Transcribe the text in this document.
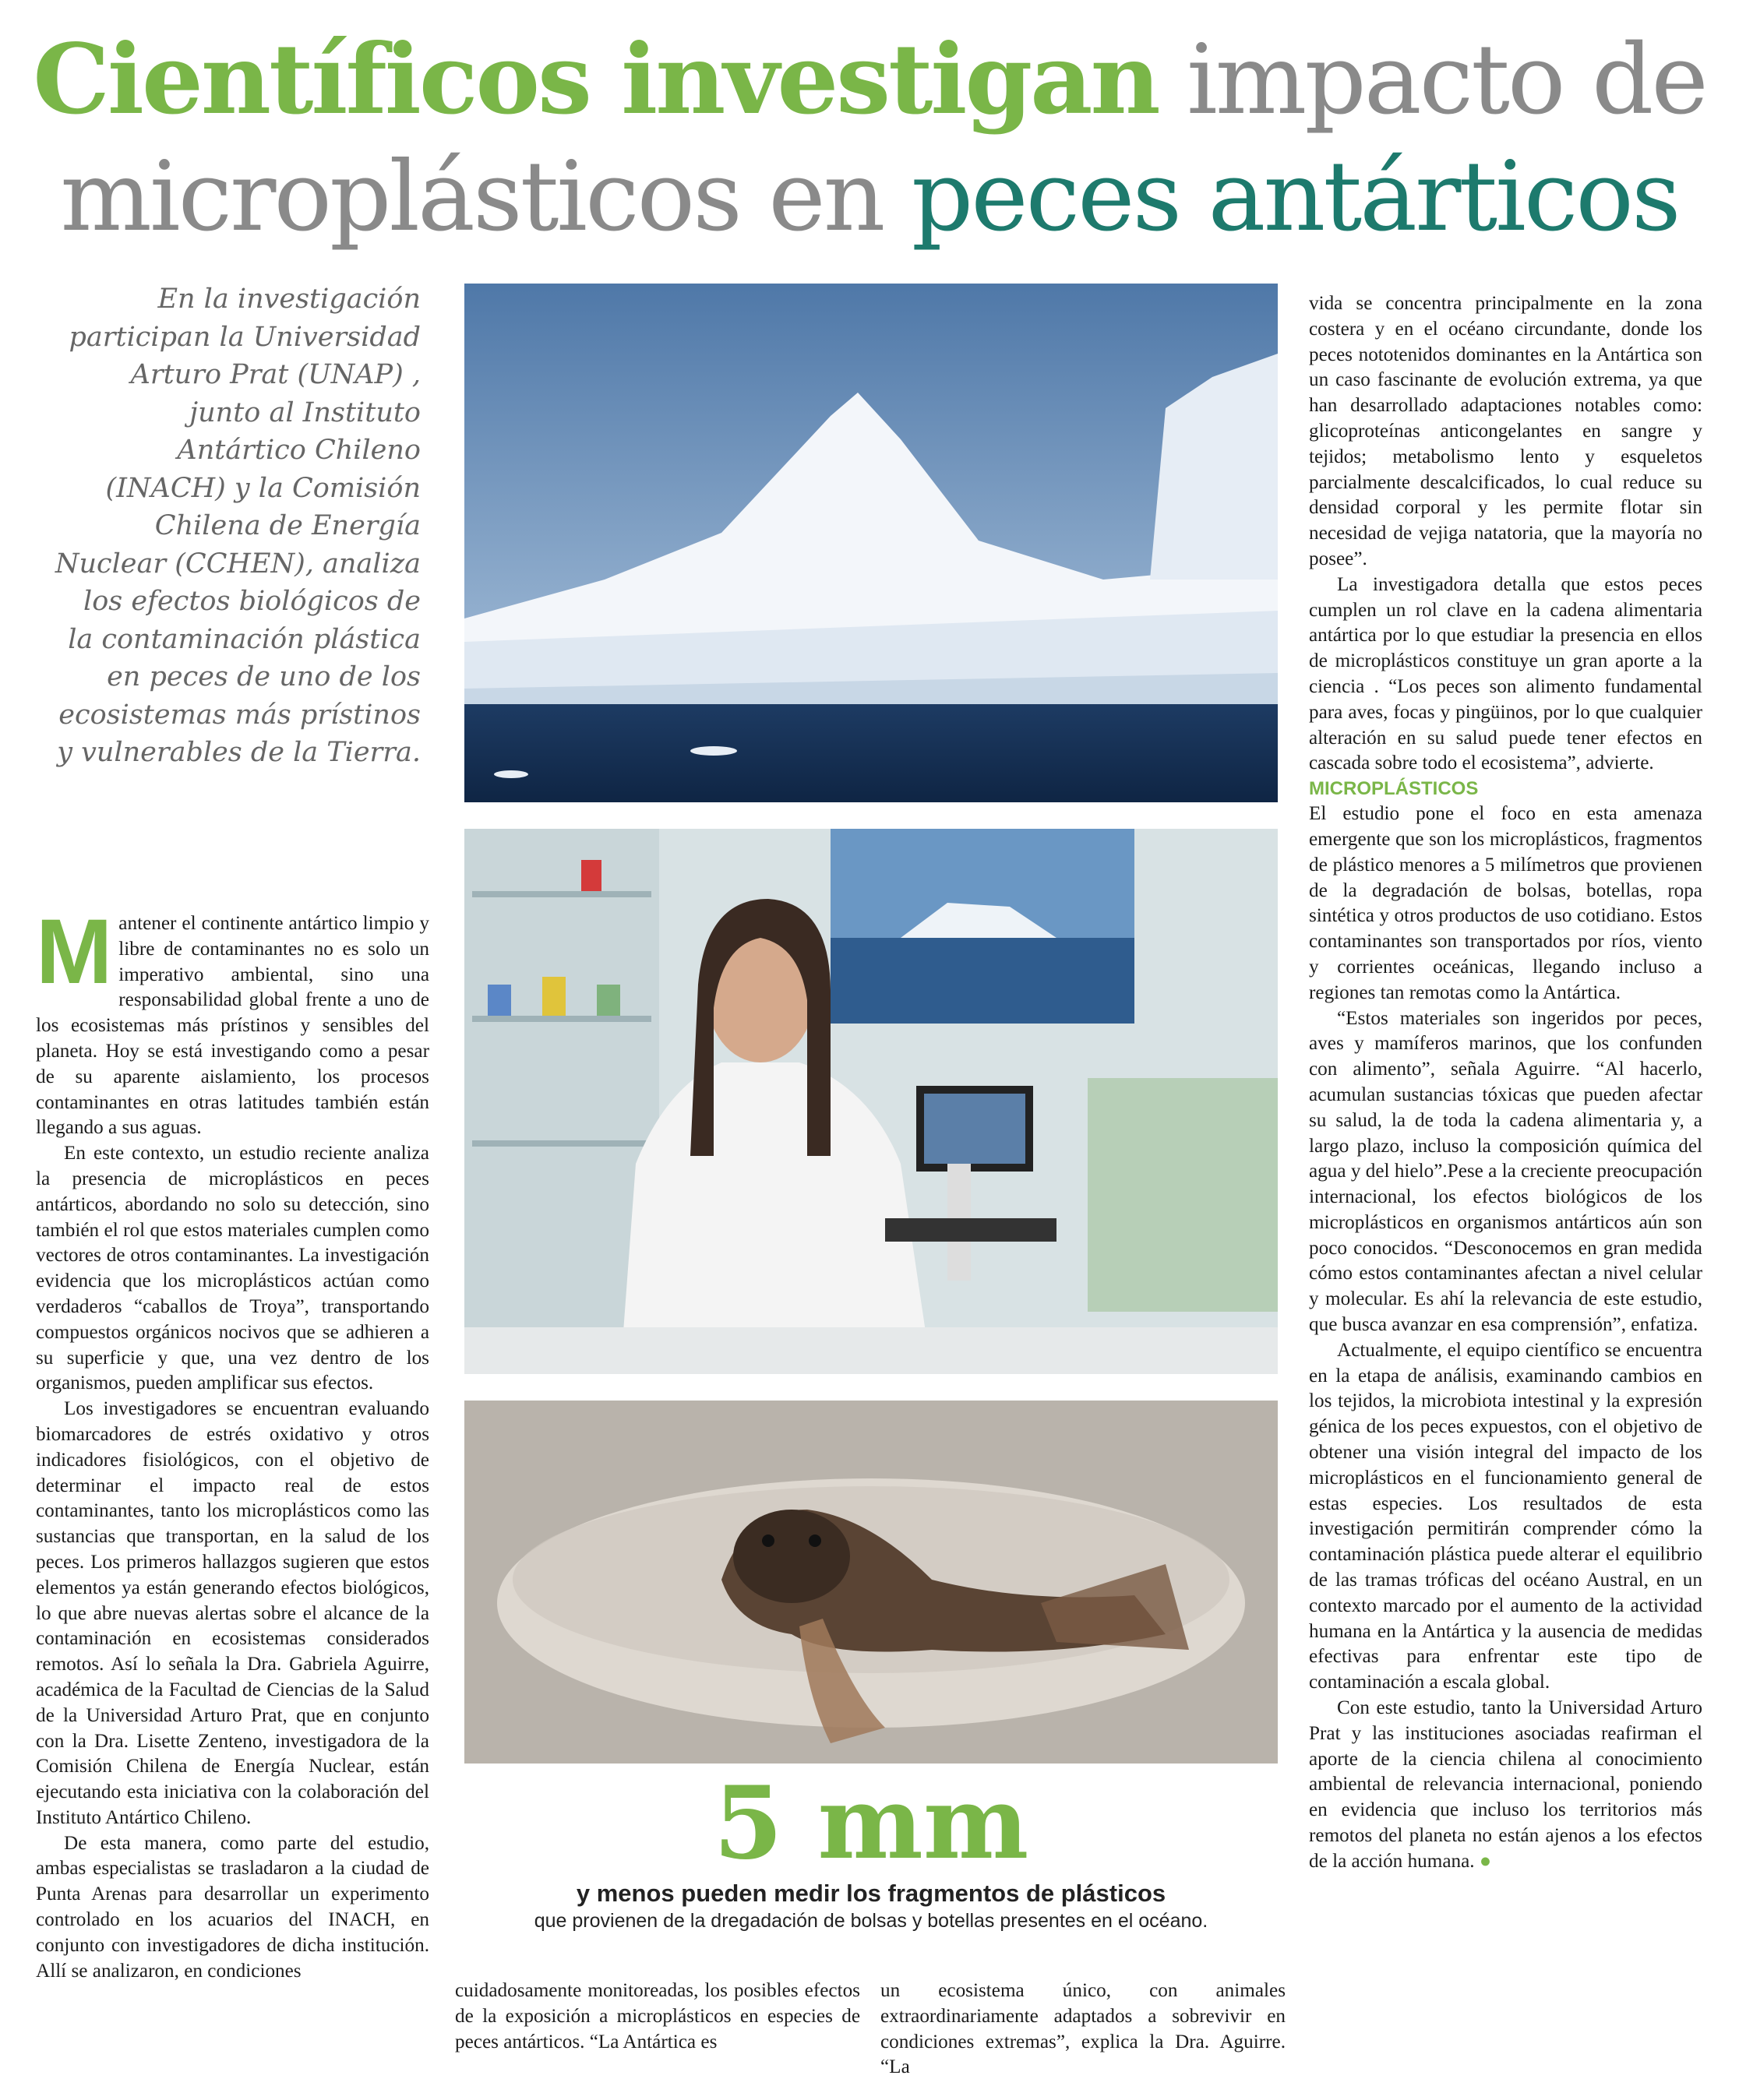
Científicos investigan impacto de
microplásticos en peces antárticos
En la investigación participan la Universidad Arturo Prat (UNAP) , junto al Instituto Antártico Chileno (INACH) y la Comisión Chilena de Energía Nuclear (CCHEN), analiza los efectos biológicos de la contaminación plástica en peces de uno de los ecosistemas más prístinos y vulnerables de la Tierra.
5 mm
y menos pueden medir los fragmentos de plásticos
que provienen de la dregadación de bolsas y botellas presentes en el océano.

Mantener el continente antártico limpio y libre de contaminantes no es solo un imperativo ambiental, sino una responsabilidad global frente a uno de los ecosistemas más prístinos y sensibles del planeta. Hoy se está investigando como a pesar de su aparente aislamiento, los procesos contaminantes en otras latitudes también están llegando a sus aguas.

En este contexto, un estudio reciente analiza la presencia de microplásticos en peces antárticos, abordando no solo su detección, sino también el rol que estos materiales cumplen como vectores de otros contaminantes. La investigación evidencia que los microplásticos actúan como verdaderos “caballos de Troya”, transportando compuestos orgánicos nocivos que se adhieren a su superficie y que, una vez dentro de los organismos, pueden amplificar sus efectos.

Los investigadores se encuentran evaluando biomarcadores de estrés oxidativo y otros indicadores fisiológicos, con el objetivo de determinar el impacto real de estos contaminantes, tanto los microplásticos como las sustancias que transportan, en la salud de los peces. Los primeros hallazgos sugieren que estos elementos ya están generando efectos biológicos, lo que abre nuevas alertas sobre el alcance de la contaminación en ecosistemas considerados remotos. Así lo señala la Dra. Gabriela Aguirre, académica de la Facultad de Ciencias de la Salud de la Universidad Arturo Prat, que en conjunto con la Dra. Lisette Zenteno, investigadora de la Comisión Chilena de Energía Nuclear, están ejecutando esta iniciativa con la colaboración del Instituto Antártico Chileno.

De esta manera, como parte del estudio, ambas especialistas se trasladaron a la ciudad de Punta Arenas para desarrollar un experimento controlado en los acuarios del INACH, en conjunto con investigadores de dicha institución. Allí se analizaron, en condiciones

cuidadosamente monitoreadas, los posibles efectos de la exposición a microplásticos en especies de peces antárticos. “La Antártica es
un ecosistema único, con animales extraordinariamente adaptados a sobrevivir en condiciones extremas”, explica la Dra. Aguirre. “La

vida se concentra principalmente en la zona costera y en el océano circundante, donde los peces nototenidos dominantes en la Antártica son un caso fascinante de evolución extrema, ya que han desarrollado adaptaciones notables como: glicoproteínas anticongelantes en sangre y tejidos; metabolismo lento y esqueletos parcialmente descalcificados, lo cual reduce su densidad corporal y les permite flotar sin necesidad de vejiga natatoria, que la mayoría no posee”.

La investigadora detalla que estos peces cumplen un rol clave en la cadena alimentaria antártica por lo que estudiar la presencia en ellos de microplásticos constituye un gran aporte a la ciencia . “Los peces son alimento fundamental para aves, focas y pingüinos, por lo que cualquier alteración en su salud puede tener efectos en cascada sobre todo el ecosistema”, advierte.

MICROPLÁSTICOS

El estudio pone el foco en esta amenaza emergente que son los microplásticos, fragmentos de plástico menores a 5 milímetros que provienen de la degradación de bolsas, botellas, ropa sintética y otros productos de uso cotidiano. Estos contaminantes son transportados por ríos, viento y corrientes oceánicas, llegando incluso a regiones tan remotas como la Antártica.

“Estos materiales son ingeridos por peces, aves y mamíferos marinos, que los confunden con alimento”, señala Aguirre. “Al hacerlo, acumulan sustancias tóxicas que pueden afectar su salud, la de toda la cadena alimentaria y, a largo plazo, incluso la composición química del agua y del hielo”.Pese a la creciente preocupación internacional, los efectos biológicos de los microplásticos en organismos antárticos aún son poco conocidos. “Desconocemos en gran medida cómo estos contaminantes afectan a nivel celular y molecular. Es ahí la relevancia de este estudio, que busca avanzar en esa comprensión”, enfatiza.

Actualmente, el equipo científico se encuentra en la etapa de análisis, examinando cambios en los tejidos, la microbiota intestinal y la expresión génica de los peces expuestos, con el objetivo de obtener una visión integral del impacto de los microplásticos en el funcionamiento general de estas especies. Los resultados de esta investigación permitirán comprender cómo la contaminación plástica puede alterar el equilibrio de las tramas tróficas del océano Austral, en un contexto marcado por el aumento de la actividad humana en la Antártica y la ausencia de medidas efectivas para enfrentar este tipo de contaminación a escala global.

Con este estudio, tanto la Universidad Arturo Prat y las instituciones asociadas reafirman el aporte de la ciencia chilena al conocimiento ambiental de relevancia internacional, poniendo en evidencia que incluso los territorios más remotos del planeta no están ajenos a los efectos de la acción humana. ●
